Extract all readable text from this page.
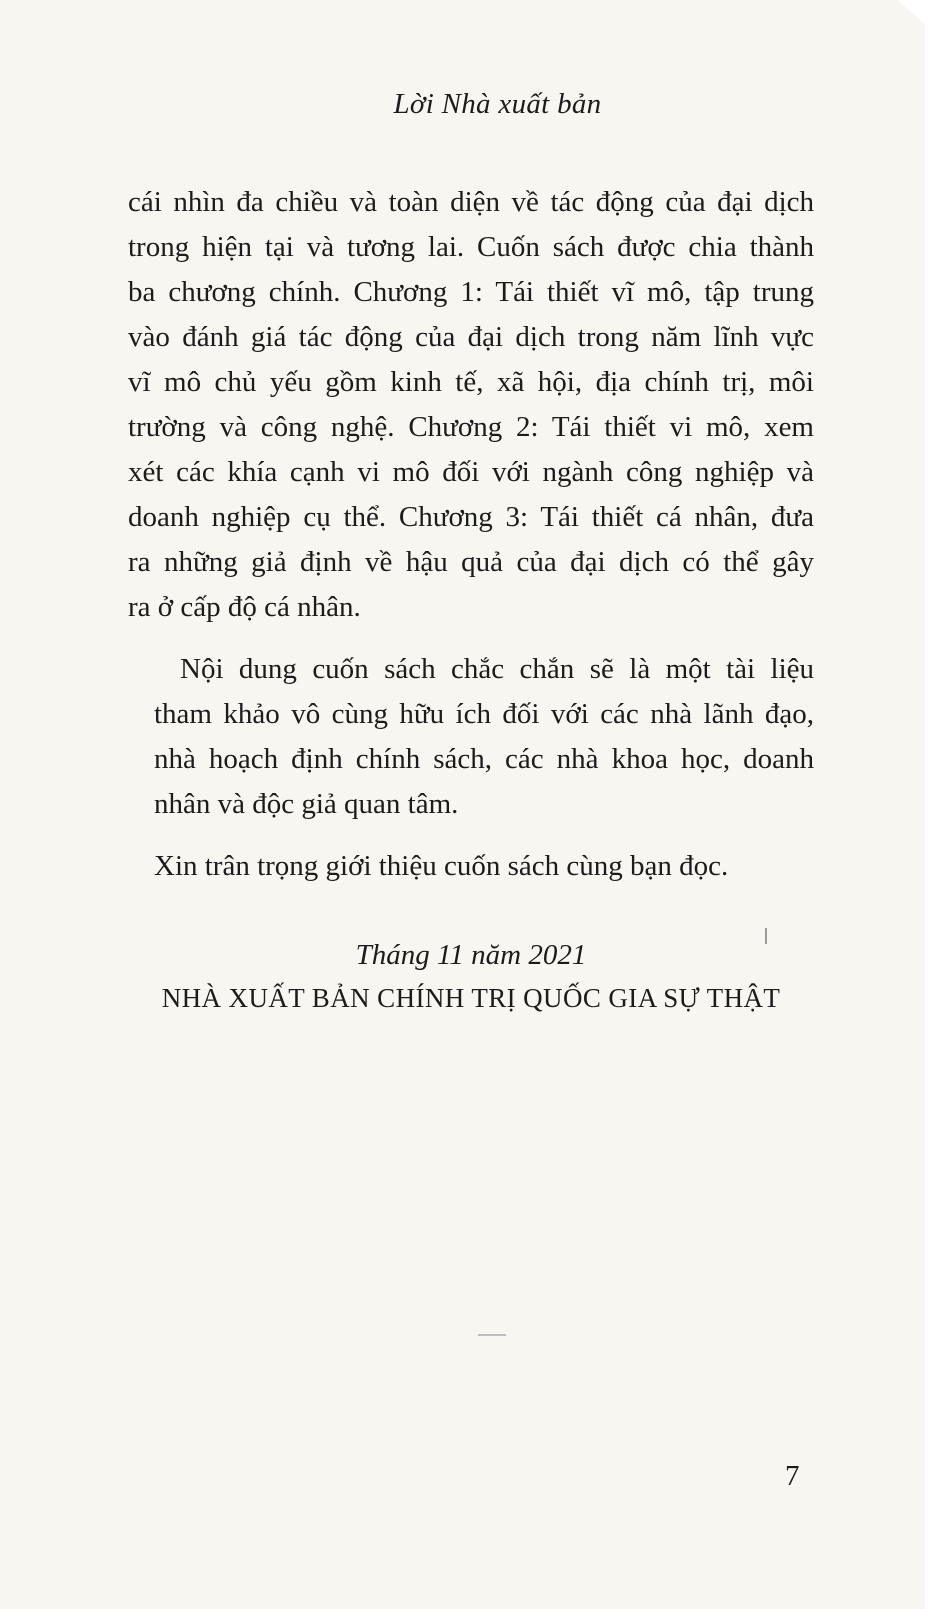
Lời Nhà xuất bản

cái nhìn đa chiều và toàn diện về tác động của đại dịch
trong hiện tại và tương lai. Cuốn sách được chia thành
ba chương chính. Chương 1: Tái thiết vĩ mô, tập trung
vào đánh giá tác động của đại dịch trong năm lĩnh vực
vĩ mô chủ yếu gồm kinh tế, xã hội, địa chính trị, môi
trường và công nghệ. Chương 2: Tái thiết vi mô, xem
xét các khía cạnh vi mô đối với ngành công nghiệp và
doanh nghiệp cụ thể. Chương 3: Tái thiết cá nhân, đưa
ra những giả định về hậu quả của đại dịch có thể gây
ra ở cấp độ cá nhân.

Nội dung cuốn sách chắc chắn sẽ là một tài liệu
tham khảo vô cùng hữu ích đối với các nhà lãnh đạo,
nhà hoạch định chính sách, các nhà khoa học, doanh
nhân và độc giả quan tâm.

Xin trân trọng giới thiệu cuốn sách cùng bạn đọc.

Tháng 11 năm 2021
NHÀ XUẤT BẢN CHÍNH TRỊ QUỐC GIA SỰ THẬT
7
